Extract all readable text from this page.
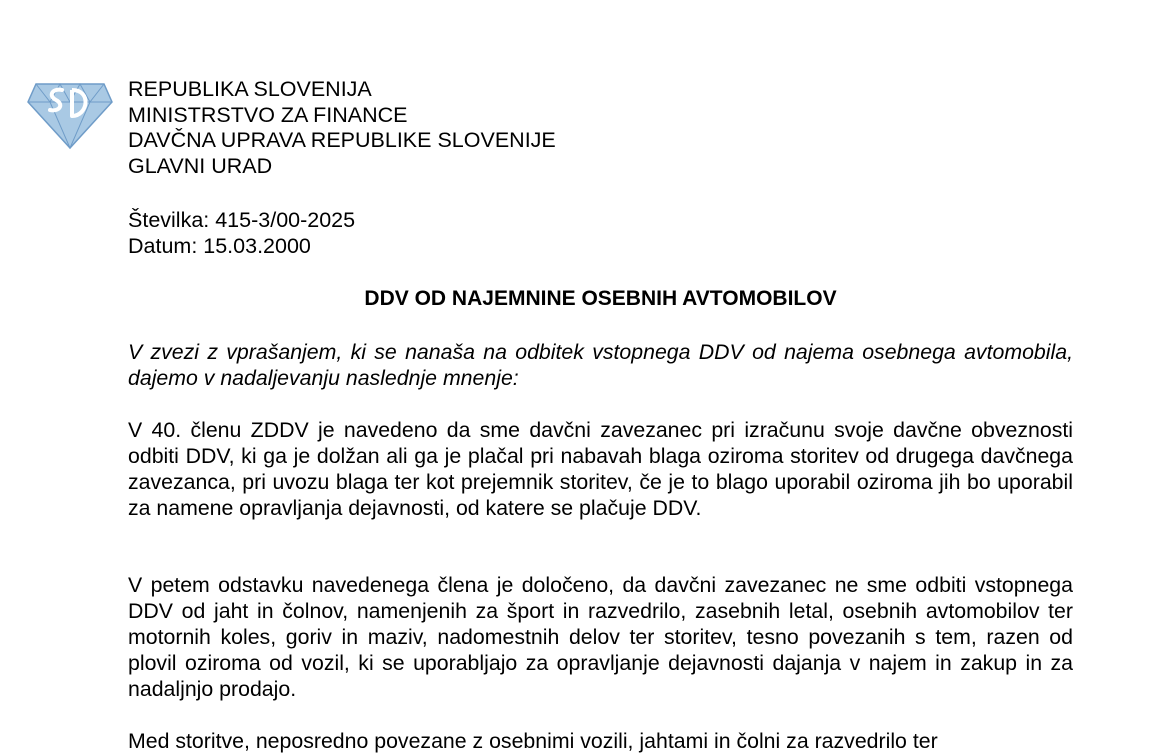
REPUBLIKA SLOVENIJA
MINISTRSTVO ZA FINANCE
DAVČNA UPRAVA REPUBLIKE SLOVENIJE
GLAVNI URAD
Številka: 415-3/00-2025
Datum: 15.03.2000
DDV OD NAJEMNINE OSEBNIH AVTOMOBILOV

V zvezi z vprašanjem, ki se nanaša na odbitek vstopnega DDV od najema osebnega avtomobila, dajemo v nadaljevanju naslednje mnenje:

V 40. členu ZDDV je navedeno da sme davčni zavezanec pri izračunu svoje davčne obveznosti odbiti DDV, ki ga je dolžan ali ga je plačal pri nabavah blaga oziroma storitev od drugega davčnega zavezanca, pri uvozu blaga ter kot prejemnik storitev, če je to blago uporabil oziroma jih bo uporabil za namene opravljanja dejavnosti, od katere se plačuje DDV.

V petem odstavku navedenega člena je določeno, da davčni zavezanec ne sme odbiti vstopnega DDV od jaht in čolnov, namenjenih za šport in razvedrilo, zasebnih letal, osebnih avtomobilov ter motornih koles, goriv in maziv, nadomestnih delov ter storitev, tesno povezanih s tem, razen od plovil oziroma od vozil, ki se uporabljajo za opravljanje dejavnosti dajanja v najem in zakup in za nadaljnjo prodajo.

Med storitve, neposredno povezane z osebnimi vozili, jahtami in čolni za razvedrilo ter
